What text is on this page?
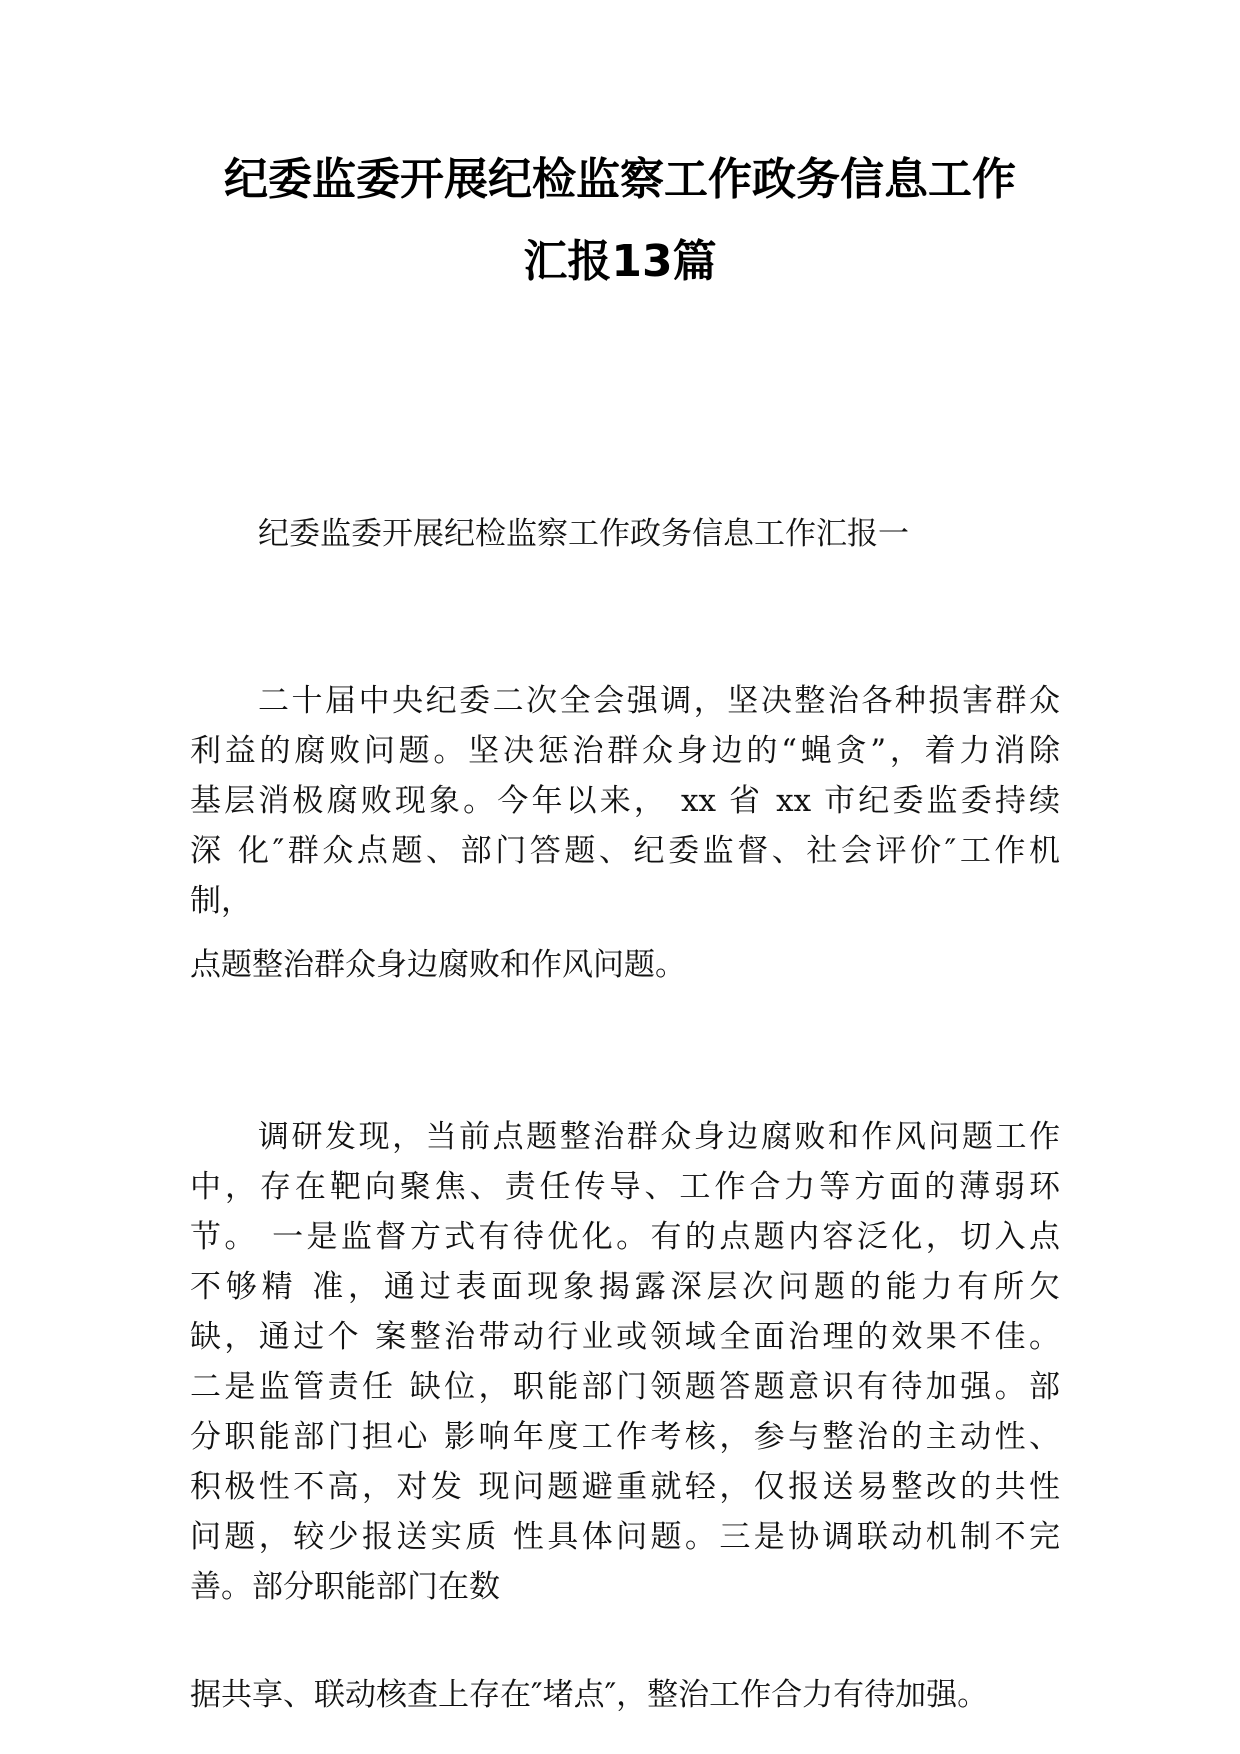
纪委监委开展纪检监察工作政务信息工作
汇报13篇

纪委监委开展纪检监察工作政务信息工作汇报一

二十届中央纪委二次全会强调，坚决整治各种损害群众
利益的腐败问题。坚决惩治群众身边的“蝇贪”，着力消除
基层消极腐败现象。今年以来， xx 省 xx 市纪委监委持续
深 化″群众点题、部门答题、纪委监督、社会评价″工作机
制，

点题整治群众身边腐败和作风问题。

调研发现，当前点题整治群众身边腐败和作风问题工作
中，存在靶向聚焦、责任传导、工作合力等方面的薄弱环
节。 一是监督方式有待优化。有的点题内容泛化，切入点
不够精 准，通过表面现象揭露深层次问题的能力有所欠
缺，通过个 案整治带动行业或领域全面治理的效果不佳。
二是监管责任 缺位，职能部门领题答题意识有待加强。部
分职能部门担心 影响年度工作考核，参与整治的主动性、
积极性不高，对发 现问题避重就轻，仅报送易整改的共性
问题，较少报送实质 性具体问题。三是协调联动机制不完
善。部分职能部门在数

据共享、联动核查上存在″堵点″，整治工作合力有待加强。
